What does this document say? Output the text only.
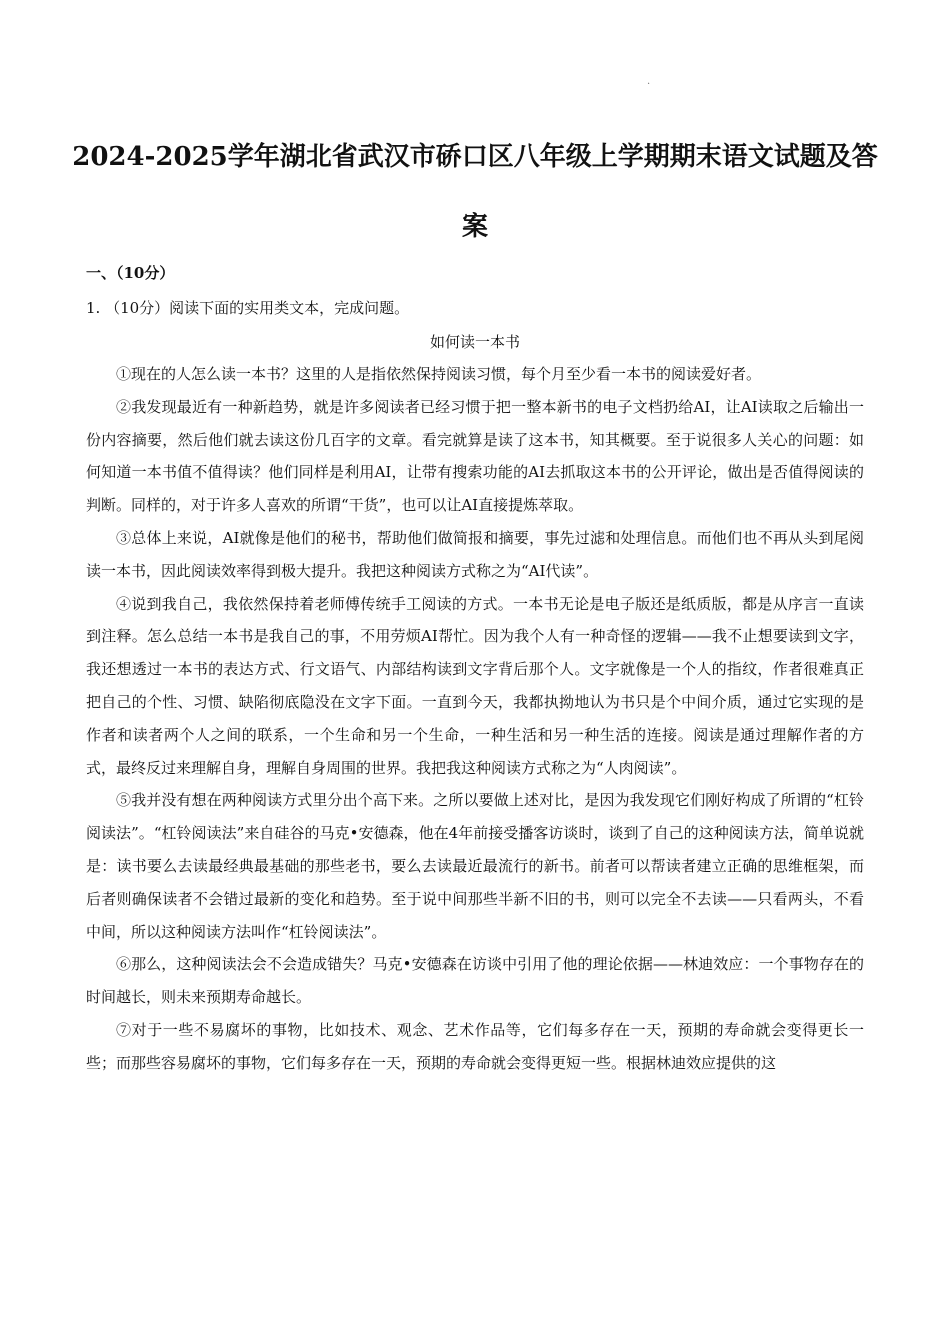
.
2024-2025学年湖北省武汉市硚口区八年级上学期期末语文试题及答
案
一、（10分）
1. （10分）阅读下面的实用类文本，完成问题。
如何读一本书

①现在的人怎么读一本书？这里的人是指依然保持阅读习惯，每个月至少看一本书的阅读爱好者。

②我发现最近有一种新趋势，就是许多阅读者已经习惯于把一整本新书的电子文档扔给AI，让AI读取之后输出一份内容摘要，然后他们就去读这份几百字的文章。看完就算是读了这本书，知其概要。至于说很多人关心的问题：如何知道一本书值不值得读？他们同样是利用AI，让带有搜索功能的AI去抓取这本书的公开评论，做出是否值得阅读的判断。同样的，对于许多人喜欢的所谓“干货”，也可以让AI直接提炼萃取。

③总体上来说，AI就像是他们的秘书，帮助他们做简报和摘要，事先过滤和处理信息。而他们也不再从头到尾阅读一本书，因此阅读效率得到极大提升。我把这种阅读方式称之为“AI代读”。

④说到我自己，我依然保持着老师傅传统手工阅读的方式。一本书无论是电子版还是纸质版，都是从序言一直读到注释。怎么总结一本书是我自己的事，不用劳烦AI帮忙。因为我个人有一种奇怪的逻辑——我不止想要读到文字，我还想透过一本书的表达方式、行文语气、内部结构读到文字背后那个人。文字就像是一个人的指纹，作者很难真正把自己的个性、习惯、缺陷彻底隐没在文字下面。一直到今天，我都执拗地认为书只是个中间介质，通过它实现的是作者和读者两个人之间的联系，一个生命和另一个生命，一种生活和另一种生活的连接。阅读是通过理解作者的方式，最终反过来理解自身，理解自身周围的世界。我把我这种阅读方式称之为“人肉阅读”。

⑤我并没有想在两种阅读方式里分出个高下来。之所以要做上述对比，是因为我发现它们刚好构成了所谓的“杠铃阅读法”。“杠铃阅读法”来自硅谷的马克•安德森，他在4年前接受播客访谈时，谈到了自己的这种阅读方法，简单说就是：读书要么去读最经典最基础的那些老书，要么去读最近最流行的新书。前者可以帮读者建立正确的思维框架，而后者则确保读者不会错过最新的变化和趋势。至于说中间那些半新不旧的书，则可以完全不去读——只看两头，不看中间，所以这种阅读方法叫作“杠铃阅读法”。

⑥那么，这种阅读法会不会造成错失？马克•安德森在访谈中引用了他的理论依据——林迪效应：一个事物存在的时间越长，则未来预期寿命越长。

⑦对于一些不易腐坏的事物，比如技术、观念、艺术作品等，它们每多存在一天，预期的寿命就会变得更长一些；而那些容易腐坏的事物，它们每多存在一天，预期的寿命就会变得更短一些。根据林迪效应提供的这
